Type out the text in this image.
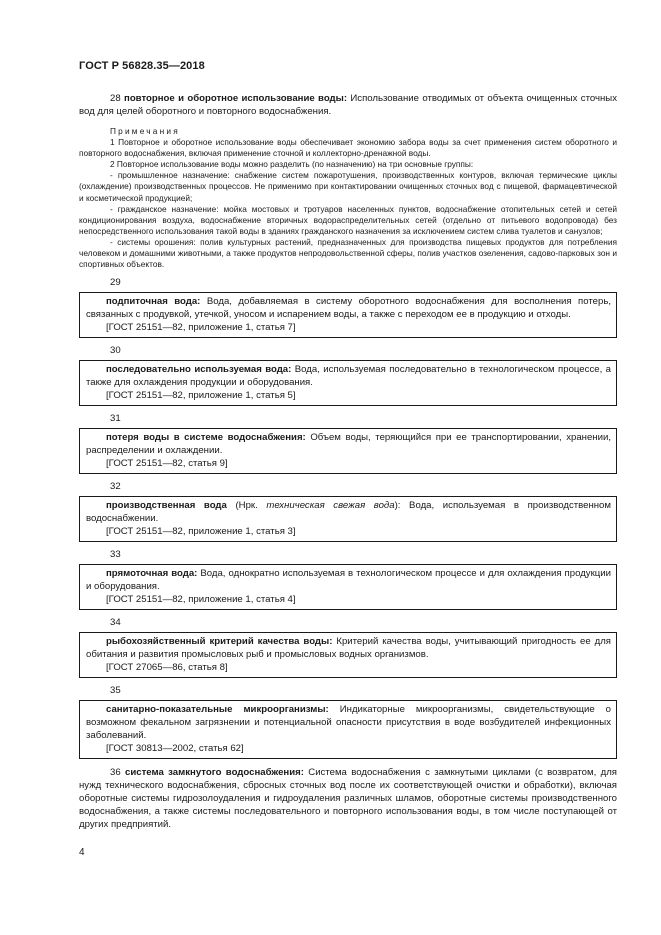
ГОСТ Р 56828.35—2018

28 повторное и оборотное использование воды: Использование отводимых от объекта очищенных сточных вод для целей оборотного и повторного водоснабжения.

Примечания

1 Повторное и оборотное использование воды обеспечивает экономию забора воды за счет применения систем оборотного и повторного водоснабжения, включая применение сточной и коллекторно-дренажной воды.

2 Повторное использование воды можно разделить (по назначению) на три основные группы:

- промышленное назначение: снабжение систем пожаротушения, производственных контуров, включая термические циклы (охлаждение) производственных процессов. Не применимо при контактировании очищенных сточных вод с пищевой, фармацевтической и косметической продукцией;

- гражданское назначение: мойка мостовых и тротуаров населенных пунктов, водоснабжение отопительных сетей и сетей кондиционирования воздуха, водоснабжение вторичных водораспределительных сетей (отдельно от питьевого водопровода) без непосредственного использования такой воды в зданиях гражданского назначения за исключением систем слива туалетов и санузлов;

- системы орошения: полив культурных растений, предназначенных для производства пищевых продуктов для потребления человеком и домашними животными, а также продуктов непродовольственной сферы, полив участков озеленения, садово-парковых зон и спортивных объектов.

29

подпиточная вода: Вода, добавляемая в систему оборотного водоснабжения для восполнения потерь, связанных с продувкой, утечкой, уносом и испарением воды, а также с переходом ее в продукцию и отходы.

[ГОСТ 25151—82, приложение 1, статья 7]

30

последовательно используемая вода: Вода, используемая последовательно в технологическом процессе, а также для охлаждения продукции и оборудования.

[ГОСТ 25151—82, приложение 1, статья 5]

31

потеря воды в системе водоснабжения: Объем воды, теряющийся при ее транспортировании, хранении, распределении и охлаждении.

[ГОСТ 25151—82, статья 9]

32

производственная вода (Нрк. техническая свежая вода): Вода, используемая в производственном водоснабжении.

[ГОСТ 25151—82, приложение 1, статья 3]

33

прямоточная вода: Вода, однократно используемая в технологическом процессе и для охлаждения продукции и оборудования.

[ГОСТ 25151—82, приложение 1, статья 4]

34

рыбохозяйственный критерий качества воды: Критерий качества воды, учитывающий пригодность ее для обитания и развития промысловых рыб и промысловых водных организмов.

[ГОСТ 27065—86, статья 8]

35

санитарно-показательные микроорганизмы: Индикаторные микроорганизмы, свидетельствующие о возможном фекальном загрязнении и потенциальной опасности присутствия в воде возбудителей инфекционных заболеваний.

[ГОСТ 30813—2002, статья 62]

36 система замкнутого водоснабжения: Система водоснабжения с замкнутыми циклами (с возвратом, для нужд технического водоснабжения, сбросных сточных вод после их соответствующей очистки и обработки), включая оборотные системы гидрозолоудаления и гидроудаления различных шламов, оборотные системы производственного водоснабжения, а также системы последовательного и повторного использования воды, в том числе поступающей от других предприятий.

4
